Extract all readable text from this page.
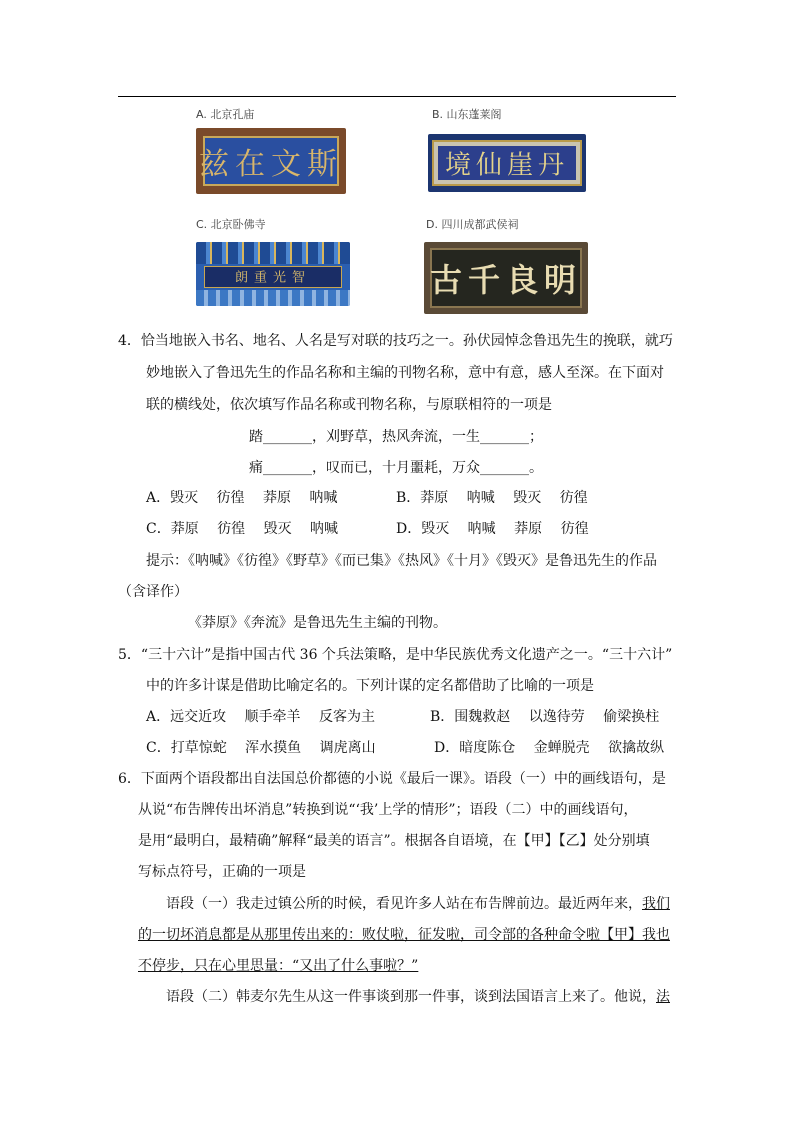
A. 北京孔庙
斯文在兹
B. 山东蓬莱阁
丹崖仙境
C. 北京卧佛寺
智光重朗
D. 四川成都武侯祠
明良千古
4．恰当地嵌入书名、地名、人名是写对联的技巧之一。孙伏园悼念鲁迅先生的挽联，就巧
妙地嵌入了鲁迅先生的作品名称和主编的刊物名称，意中有意，感人至深。在下面对
联的横线处，依次填写作品名称或刊物名称，与原联相符的一项是
踏_______，刈野草，热风奔流，一生_______；
痛_______，叹而已，十月噩耗，万众_______。
A．毁灭　 彷徨　 莽原　 呐喊	B．莽原　 呐喊　 毁灭　 彷徨
C．莽原　 彷徨　 毁灭　 呐喊	D．毁灭　 呐喊　 莽原　 彷徨
提示：《呐喊》《彷徨》《野草》《而已集》《热风》《十月》《毁灭》是鲁迅先生的作品
（含译作）
《莽原》《奔流》是鲁迅先生主编的刊物。
5．“三十六计”是指中国古代 36 个兵法策略，是中华民族优秀文化遗产之一。“三十六计”
中的许多计谋是借助比喻定名的。下列计谋的定名都借助了比喻的一项是
A．远交近攻　 顺手牵羊　 反客为主	B．围魏救赵　 以逸待劳　 偷梁换柱
C．打草惊蛇　 浑水摸鱼　 调虎离山	D．暗度陈仓　 金蝉脱壳　 欲擒故纵
6．下面两个语段都出自法国总价都德的小说《最后一课》。语段（一）中的画线语句，是
从说“布告牌传出坏消息”转换到说“‘我’上学的情形”；语段（二）中的画线语句，
是用“最明白，最精确”解释“最美的语言”。根据各自语境，在【甲】【乙】处分别填
写标点符号，正确的一项是
语段（一）我走过镇公所的时候，看见许多人站在布告牌前边。最近两年来，我们
的一切坏消息都是从那里传出来的：败仗啦，征发啦，司令部的各种命令啦【甲】我也
不停步，只在心里思量：“又出了什么事啦？”
语段（二）韩麦尔先生从这一件事谈到那一件事，谈到法国语言上来了。他说，法
